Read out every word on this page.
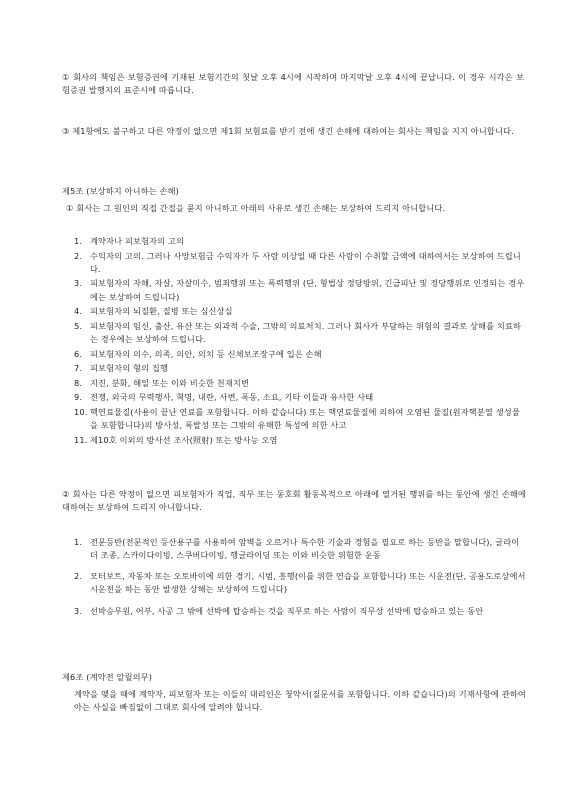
① 회사의 책임은 보험증권에 기재된 보험기간의 첫날 오후 4시에 시작하며 마지막날 오후 4시에 끝납니다. 이 경우 시각은 보험증권 발행지의 표준시에 따릅니다.

③ 제1항에도 불구하고 다른 약정이 없으면 제1회 보험료를 받기 전에 생긴 손해에 대하여는 회사는 책임을 지지 아니합니다.

제5조 (보상하지 아니하는 손해)

① 회사는 그 원인의 직접 간접을 묻지 아니하고 아래의 사유로 생긴 손해는 보상하여 드리지 아니합니다.

1. 계약자나 피보험자의 고의
2. 수익자의 고의. 그러나 사망보험금 수익자가 두 사람 이상일 때 다른 사람이 수취할 금액에 대하여서는 보상하여 드립니다.
3. 피보험자의 자해, 자살, 자살미수, 범죄행위 또는 폭력행위 (단, 형법상 정당방위, 긴급피난 및 정당행위로 인정되는 경우에는 보상하여 드립니다)
4. 피보험자의 뇌질환, 질병 또는 심신상실
5. 피보험자의 임신, 출산, 유산 또는 외과적 수술, 그밖의 의료처치. 그러나 회사가 부담하는 위험의 결과로 상해를 치료하는 경우에는 보상하여 드립니다.
6. 피보험자의 의수, 의족, 의안, 의치 등 신체보조장구에 입은 손해
7. 피보험자의 형의 집행
8. 지진, 분화, 해일 또는 이와 비슷한 천재지변
9. 전쟁, 외국의 무력행사, 혁명, 내란, 사변, 폭동, 소요, 기타 이들과 유사한 사태
10. 핵연료물질(사용이 끝난 연료를 포함합니다. 이하 같습니다) 또는 핵연료물질에 의하여 오염된 물질(원자핵분열 생성물을 포함합니다)의 방사성, 폭발성 또는 그밖의 유해한 특성에 의한 사고
11. 제10호 이외의 방사선 조사(照射) 또는 방사능 오염

② 회사는 다른 약정이 없으면 피보험자가 직업, 직무 또는 동호회 활동목적으로 아래에 열거된 행위를 하는 동안에 생긴 손해에 대하여는 보상하여 드리지 아니합니다.

1. 전문등반(전문적인 등산용구를 사용하여 암벽을 오르거나 특수한 기술과 경험을 필요로 하는 등반을 말합니다), 글라이더 조종, 스카이다이빙, 스쿠버다이빙, 행글라이딩 또는 이와 비슷한 위험한 운동
2. 모터보트, 자동차 또는 오토바이에 의한 경기, 시범, 흥행(이를 위한 연습을 포함합니다) 또는 시운전(단, 공용도로상에서 시운전을 하는 동안 발생한 상해는 보상하여 드립니다)
3. 선박승무원, 어부, 사공 그 밖에 선박에 탑승하는 것을 직무로 하는 사람이 직무상 선박에 탑승하고 있는 동안
제6조 (계약전 알릴의무)

계약을 맺을 때에 계약자, 피보험자 또는 이들의 대리인은 청약서(질문서를 포함합니다. 이하 같습니다)의 기재사항에 관하여 아는 사실을 빠짐없이 그대로 회사에 알려야 합니다.
